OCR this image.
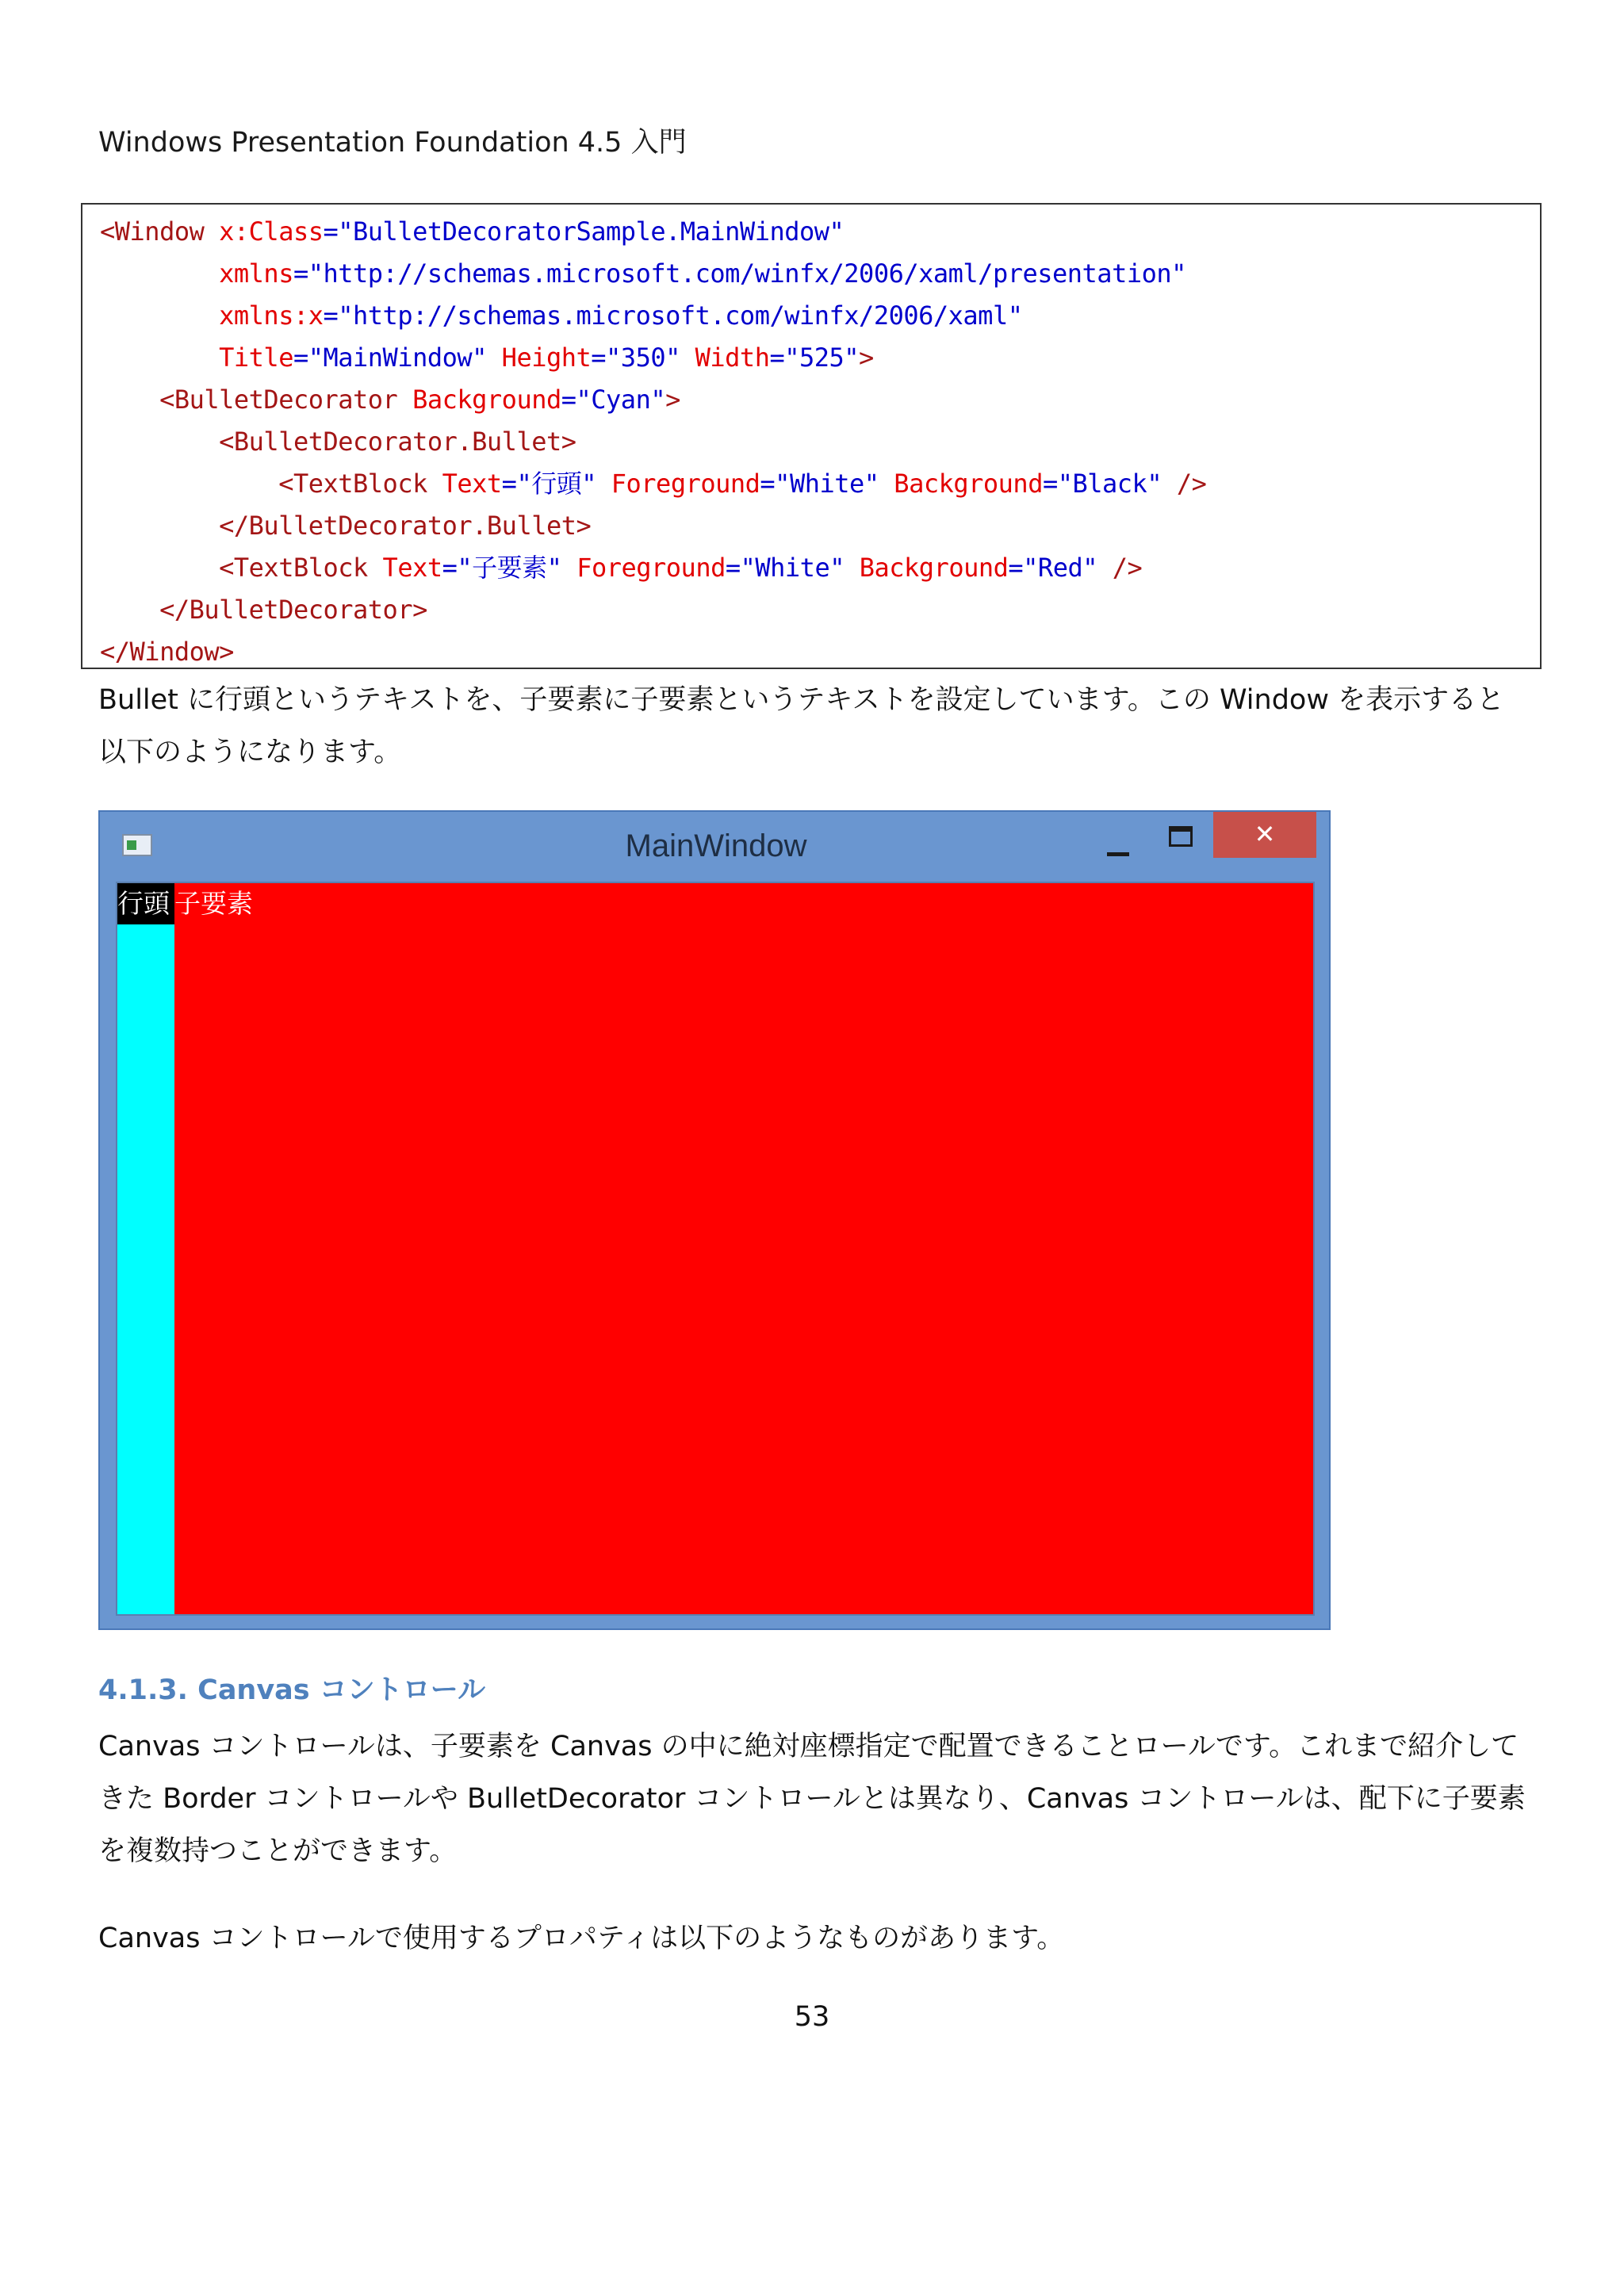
Windows Presentation Foundation 4.5 入門
<Window x:Class="BulletDecoratorSample.MainWindow"
xmlns="http://schemas.microsoft.com/winfx/2006/xaml/presentation"
xmlns:x="http://schemas.microsoft.com/winfx/2006/xaml"
Title="MainWindow" Height="350" Width="525">
<BulletDecorator Background="Cyan">
<BulletDecorator.Bullet>
<TextBlock Text="行頭" Foreground="White" Background="Black" />
</BulletDecorator.Bullet>
<TextBlock Text="子要素" Foreground="White" Background="Red" />
</BulletDecorator>
</Window>
Bullet に行頭というテキストを、子要素に子要素というテキストを設定しています。この Window を表示すると以下のようになります。
MainWindow	✕
行頭 子要素
4.1.3. Canvas コントロール
Canvas コントロールは、子要素を Canvas の中に絶対座標指定で配置できることロールです。これまで紹介してきた Border コントロールや BulletDecorator コントロールとは異なり、Canvas コントロールは、配下に子要素を複数持つことができます。
Canvas コントロールで使用するプロパティは以下のようなものがあります。
53
